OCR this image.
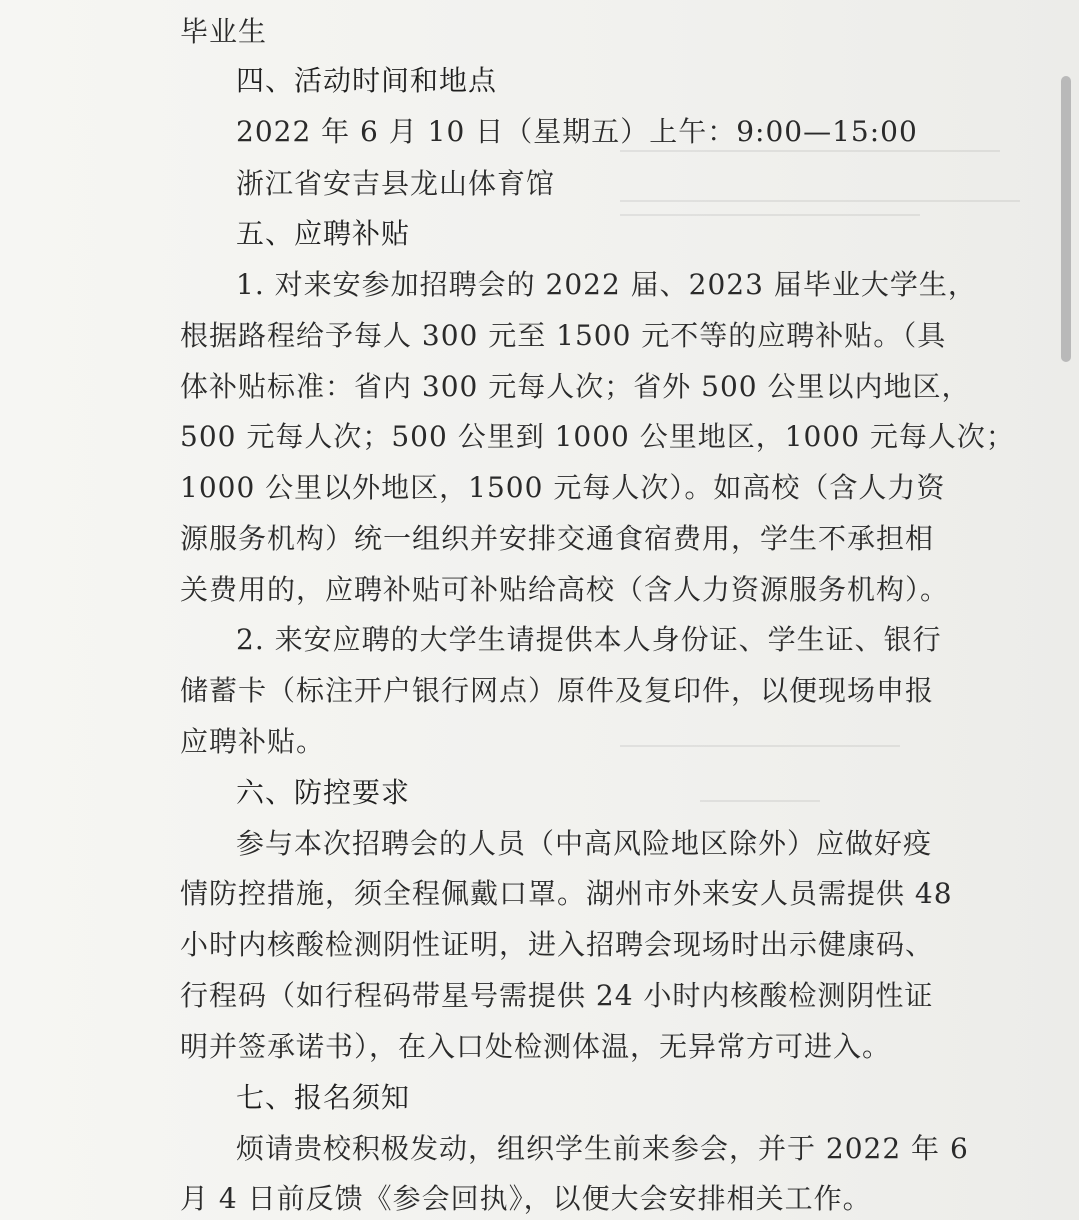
毕业生
四、活动时间和地点
2022 年 6 月 10 日（星期五）上午：9:00—15:00
浙江省安吉县龙山体育馆
五、应聘补贴
1. 对来安参加招聘会的 2022 届、2023 届毕业大学生，
根据路程给予每人 300 元至 1500 元不等的应聘补贴。（具
体补贴标准：省内 300 元每人次；省外 500 公里以内地区，
500 元每人次；500 公里到 1000 公里地区，1000 元每人次；
1000 公里以外地区，1500 元每人次）。如高校（含人力资
源服务机构）统一组织并安排交通食宿费用，学生不承担相
关费用的，应聘补贴可补贴给高校（含人力资源服务机构）。
2. 来安应聘的大学生请提供本人身份证、学生证、银行
储蓄卡（标注开户银行网点）原件及复印件，以便现场申报
应聘补贴。
六、防控要求
参与本次招聘会的人员（中高风险地区除外）应做好疫
情防控措施，须全程佩戴口罩。湖州市外来安人员需提供 48
小时内核酸检测阴性证明，进入招聘会现场时出示健康码、
行程码（如行程码带星号需提供 24 小时内核酸检测阴性证
明并签承诺书），在入口处检测体温，无异常方可进入。
七、报名须知
烦请贵校积极发动，组织学生前来参会，并于 2022 年 6
月 4 日前反馈《参会回执》，以便大会安排相关工作。
